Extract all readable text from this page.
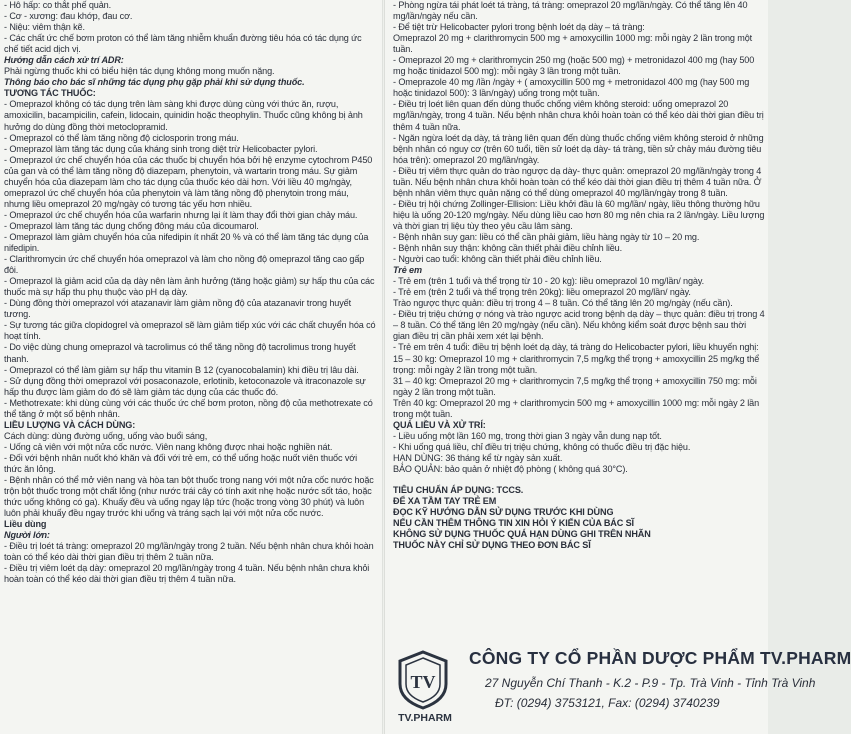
- Hô hấp: co thắt phế quản.

- Cơ - xương: đau khớp, đau cơ.

- Niệu: viêm thận kẽ.

- Các chất ức chế bơm proton có thể làm tăng nhiễm khuẩn đường tiêu hóa có tác dụng ức chế tiết acid dịch vị.

Hướng dẫn cách xử trí ADR:

Phải ngừng thuốc khi có biểu hiện tác dụng không mong muốn nặng.

Thông báo cho bác sĩ những tác dụng phụ gặp phải khi sử dụng thuốc.

TƯƠNG TÁC THUỐC:

- Omeprazol không có tác dụng trên làm sàng khi được dùng cùng với thức ăn, rượu, amoxicilin, bacampicilin, cafein, lidocain, quinidin hoặc theophylin. Thuốc cũng không bị ảnh hưởng do dùng đồng thời metoclopramid.

- Omeprazol có thể làm tăng nồng độ ciclosporin trong máu.

- Omeprazol làm tăng tác dụng của kháng sinh trong diệt trừ Helicobacter pylori.

- Omeprazol ức chế chuyển hóa của các thuốc bị chuyển hóa bởi hệ enzyme cytochrom P450 của gan và có thể làm tăng nồng độ diazepam, phenytoin, và wartarin trong máu. Sự giảm chuyển hóa của diazepam làm cho tác dụng của thuốc kéo dài hơn. Với liều 40 mg/ngày, omeprazol ức chế chuyển hóa của phenytoin và làm tăng nồng độ phenytoin trong máu, nhưng liều omeprazol 20 mg/ngày có tương tác yếu hơn nhiều.

- Omeprazol ức chế chuyển hóa của warfarin nhưng lại ít làm thay đổi thời gian chảy máu.

- Omeprazol làm tăng tác dụng chống đông máu của dicoumarol.

- Omeprazol làm giảm chuyển hóa của nifedipin ít nhất 20 % và có thể làm tăng tác dụng của nifedipin.

- Clarithromycin ức chế chuyển hóa omeprazol và làm cho nồng độ omeprazol tăng cao gấp đôi.

- Omeprazol là giảm acid của dạ dày nên làm ảnh hưởng (tăng hoặc giảm) sự hấp thu của các thuốc mà sự hấp thu phụ thuộc vào pH dạ dày.

- Dùng đồng thời omeprazol với atazanavir làm giảm nồng độ của atazanavir trong huyết tương.

- Sự tương tác giữa clopidogrel và omeprazol sẽ làm giảm tiếp xúc với các chất chuyển hóa có hoạt tính.

- Do việc dùng chung omeprazol và tacrolimus có thể tăng nồng độ tacrolimus trong huyết thanh.

- Omeprazol có thể làm giảm sự hấp thu vitamin B 12 (cyanocobalamin) khi điều trị lâu dài.

- Sử dụng đồng thời omeprazol với posaconazole, erlotinib, ketoconazole và itraconazole sự hấp thu được làm giảm do đó sẽ làm giảm tác dụng của các thuốc đó.

- Methotrexate: khi dùng cùng với các thuốc ức chế bơm proton, nồng độ của methotrexate có thể tăng ở một số bệnh nhân.

LIỀU LƯỢNG VÀ CÁCH DÙNG:

Cách dùng: dùng đường uống, uống vào buổi sáng,

- Uống cả viên với một nửa cốc nước. Viên nang không được nhai hoặc nghiền nát.

- Đối với bệnh nhân nuốt khó khăn và đối với trẻ em, có thể uống hoặc nuốt viên thuốc với thức ăn lỏng.

- Bệnh nhân có thể mở viên nang và hòa tan bột thuốc trong nang với một nửa cốc nước hoặc trộn bột thuốc trong một chất lỏng (như nước trái cây có tính axit nhẹ hoặc nước sốt táo, hoặc thức uống không có ga). Khuấy đều và uống ngay lập tức (hoặc trong vòng 30 phút) và luôn luôn phải khuấy đều ngay trước khi uống và tráng sạch lại với một nửa cốc nước.

Liều dùng

Người lớn:

- Điều trị loét tá tràng: omeprazol 20 mg/lần/ngày trong 2 tuần. Nếu bệnh nhân chưa khỏi hoàn toàn có thể kéo dài thời gian điều trị thêm 2 tuần nữa.

- Điều trị viêm loét dạ dày: omeprazol 20 mg/lần/ngày trong 4 tuần. Nếu bệnh nhân chưa khỏi hoàn toàn có thể kéo dài thời gian điều trị thêm 4 tuần nữa.

- Phòng ngừa tái phát loét tá tràng, tá tràng: omeprazol 20 mg/lần/ngày. Có thể tăng lên 40 mg/lần/ngày nếu cần.

- Để tiệt trừ Helicobacter pylori trong bệnh loét dạ dày – tá tràng:

Omeprazol 20 mg + clarithromycin 500 mg + amoxycillin 1000 mg: mỗi ngày 2 lần trong một tuần.

- Omeprazol 20 mg + clarithromycin 250 mg (hoặc 500 mg) + metronidazol 400 mg (hay 500 mg hoặc tinidazol 500 mg): mỗi ngày 3 lần trong một tuần.

- Omeprazole 40 mg /lần /ngày + ( amoxycillin 500 mg + metronidazol 400 mg (hay 500 mg hoặc tinidazol 500): 3 lần/ngày) uống trong một tuần.

- Điều trị loét liên quan đến dùng thuốc chống viêm không steroid: uống omeprazol 20 mg/lần/ngày, trong 4 tuần. Nếu bệnh nhân chưa khỏi hoàn toàn có thể kéo dài thời gian điều trị thêm 4 tuần nữa.

- Ngăn ngừa loét dạ dày, tá tràng liên quan đến dùng thuốc chống viêm không steroid ở những bệnh nhân có nguy cơ (trên 60 tuổi, tiền sử loét dạ dày- tá tràng, tiền sử chảy máu đường tiêu hóa trên): omeprazol 20 mg/lần/ngày.

- Điều trị viêm thực quản do trào ngược dạ dày- thực quản: omeprazol 20 mg/lần/ngày trong 4 tuần. Nếu bệnh nhân chưa khỏi hoàn toàn có thể kéo dài thời gian điều trị thêm 4 tuần nữa. Ở bệnh nhân viêm thực quản nặng có thể dùng omeprazol 40 mg/lần/ngày trong 8 tuần.

- Điều trị hội chứng Zollinger-Ellision: Liều khởi đầu là 60 mg/lần/ ngày, liều thông thường hữu hiệu là uống 20-120 mg/ngày. Nếu dùng liều cao hơn 80 mg nên chia ra 2 lần/ngày. Liều lượng và thời gian trị liệu tùy theo yêu cầu lâm sàng.

- Bệnh nhân suy gan: liều có thể cần phải giảm, liều hàng ngày từ 10 – 20 mg.

- Bệnh nhân suy thận: không cần thiết phải điều chỉnh liều.

- Người cao tuổi: không cần thiết phải điều chỉnh liều.

Trẻ em

- Trẻ em (trên 1 tuổi và thể trọng từ 10 - 20 kg): liều omeprazol 10 mg/lần/ ngày.

- Trẻ em (trên 2 tuổi và thể trọng trên 20kg): liều omeprazol 20 mg/lần/ ngày.

Trào ngược thực quản: điều trị trong 4 – 8 tuần. Có thể tăng lên 20 mg/ngày (nếu cần).

- Điều trị triệu chứng ợ nóng và trào ngược acid trong bệnh dạ dày – thực quản: điều trị trong 4 – 8 tuần. Có thể tăng lên 20 mg/ngày (nếu cần). Nếu không kiểm soát được bệnh sau thời gian điều trị cần phải xem xét lại bệnh.

- Trẻ em trên 4 tuổi: điều trị bệnh loét dạ dày, tá tràng do Helicobacter pylori, liều khuyến nghị:

15 – 30 kg: Omeprazol 10 mg + clarithromycin 7,5 mg/kg thể trọng + amoxycillin 25 mg/kg thể trọng: mỗi ngày 2 lần trong một tuần.

31 – 40 kg: Omeprazol 20 mg + clarithromycin 7,5 mg/kg thể trọng + amoxycillin 750 mg: mỗi ngày 2 lần trong một tuần.

Trên 40 kg: Omeprazol 20 mg + clarithromycin 500 mg + amoxycillin 1000 mg: mỗi ngày 2 lần trong một tuần.

QUÁ LIỀU VÀ XỬ TRÍ:

- Liều uống một lần 160 mg, trong thời gian 3 ngày vẫn dung nạp tốt.

- Khi uống quá liều, chỉ điều trị triệu chứng, không có thuốc điều trị đặc hiệu.

HẠN DÙNG: 36 tháng kể từ ngày sản xuất.

BẢO QUẢN: bảo quản ở nhiệt độ phòng ( không quá 30°C).

TIÊU CHUẨN ÁP DỤNG: TCCS.

ĐỂ XA TẦM TAY TRẺ EM

ĐỌC KỸ HƯỚNG DẪN SỬ DỤNG TRƯỚC KHI DÙNG

NẾU CẦN THÊM THÔNG TIN XIN HỎI Ý KIẾN CỦA BÁC SĨ

KHÔNG SỬ DỤNG THUỐC QUÁ HẠN DÙNG GHI TRÊN NHÃN

THUỐC NÀY CHỈ SỬ DỤNG THEO ĐƠN BÁC SĨ

TV
TV.PHARM
CÔNG TY CỔ PHẦN DƯỢC PHẨM TV.PHARM
27 Nguyễn Chí Thanh - K.2 - P.9 - Tp. Trà Vinh - Tỉnh Trà Vinh
ĐT: (0294) 3753121, Fax: (0294) 3740239
